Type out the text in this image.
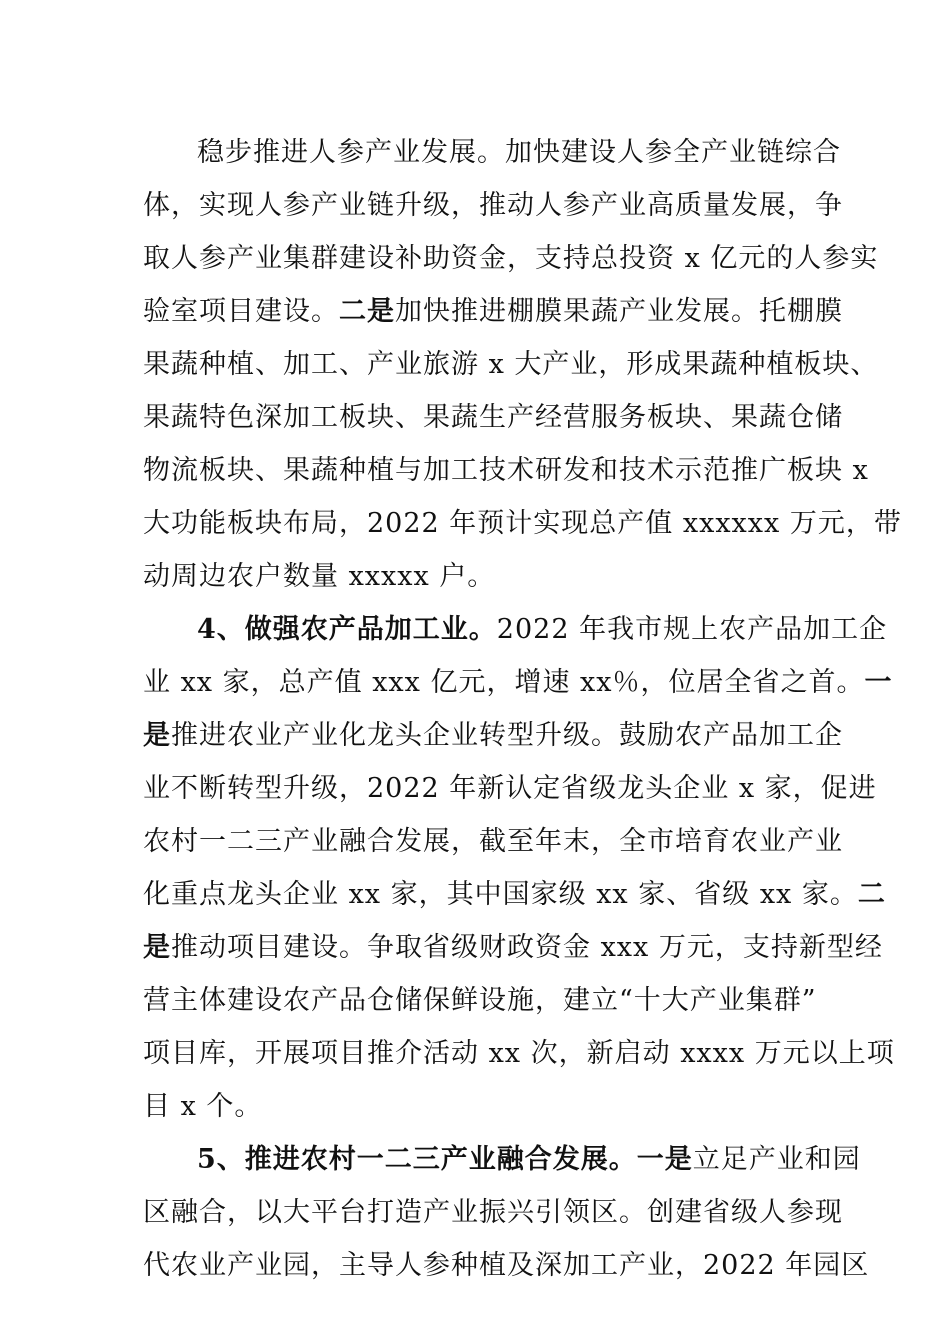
稳步推进人参产业发展。加快建设人参全产业链综合
体，实现人参产业链升级，推动人参产业高质量发展，争
取人参产业集群建设补助资金，支持总投资 x 亿元的人参实
验室项目建设。二是加快推进棚膜果蔬产业发展。托棚膜
果蔬种植、加工、产业旅游 x 大产业，形成果蔬种植板块、
果蔬特色深加工板块、果蔬生产经营服务板块、果蔬仓储
物流板块、果蔬种植与加工技术研发和技术示范推广板块 x
大功能板块布局，2022 年预计实现总产值 xxxxxx 万元，带
动周边农户数量 xxxxx 户。
4、做强农产品加工业。2022 年我市规上农产品加工企
业 xx 家，总产值 xxx 亿元，增速 xx％，位居全省之首。一
是推进农业产业化龙头企业转型升级。鼓励农产品加工企
业不断转型升级，2022 年新认定省级龙头企业 x 家，促进
农村一二三产业融合发展，截至年末，全市培育农业产业
化重点龙头企业 xx 家，其中国家级 xx 家、省级 xx 家。二
是推动项目建设。争取省级财政资金 xxx 万元，支持新型经
营主体建设农产品仓储保鲜设施，建立“十大产业集群”
项目库，开展项目推介活动 xx 次，新启动 xxxx 万元以上项
目 x 个。
5、推进农村一二三产业融合发展。一是立足产业和园
区融合，以大平台打造产业振兴引领区。创建省级人参现
代农业产业园，主导人参种植及深加工产业，2022 年园区
